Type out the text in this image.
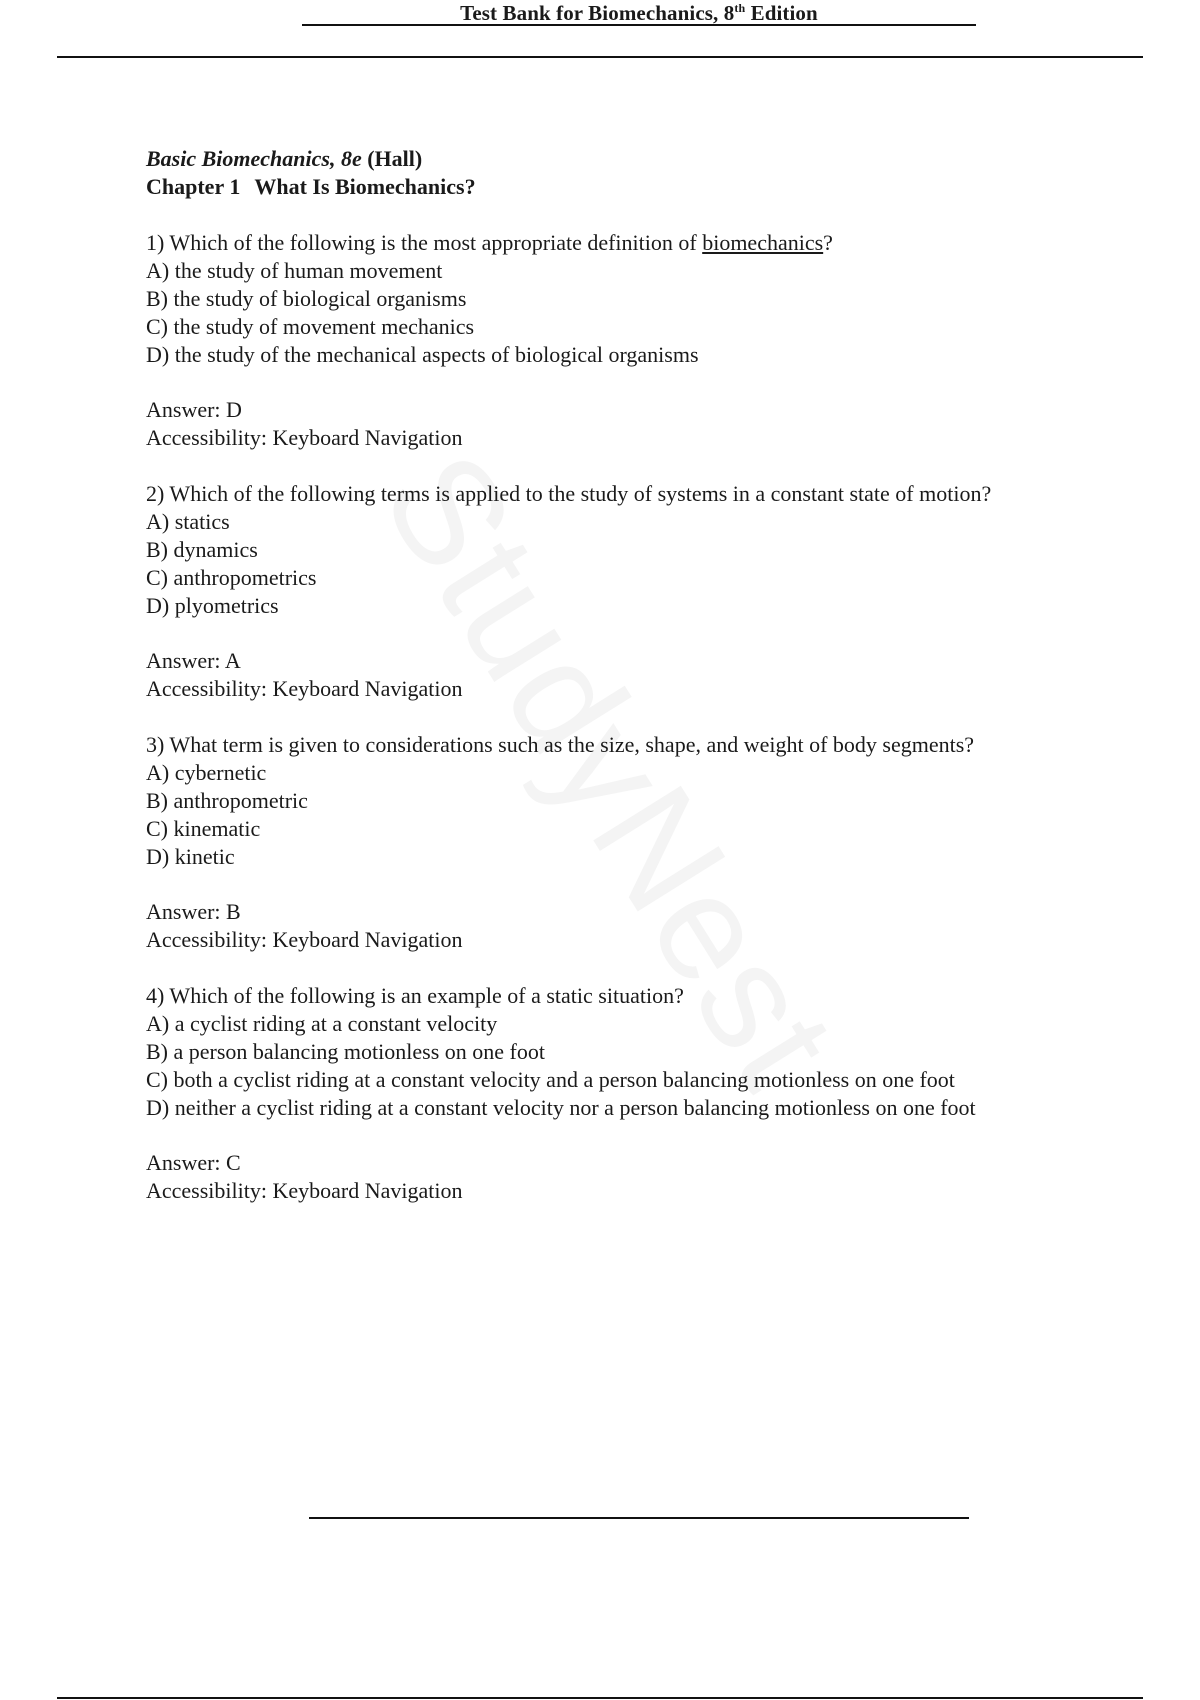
Test Bank for Biomechanics, 8th Edition
Basic Biomechanics, 8e (Hall)
Chapter 1 What Is Biomechanics?
1) Which of the following is the most appropriate definition of biomechanics?
A) the study of human movement
B) the study of biological organisms
C) the study of movement mechanics
D) the study of the mechanical aspects of biological organisms
Answer: D
Accessibility: Keyboard Navigation
2) Which of the following terms is applied to the study of systems in a constant state of motion?
A) statics
B) dynamics
C) anthropometrics
D) plyometrics
Answer: A
Accessibility: Keyboard Navigation
3) What term is given to considerations such as the size, shape, and weight of body segments?
A) cybernetic
B) anthropometric
C) kinematic
D) kinetic
Answer: B
Accessibility: Keyboard Navigation
4) Which of the following is an example of a static situation?
A) a cyclist riding at a constant velocity
B) a person balancing motionless on one foot
C) both a cyclist riding at a constant velocity and a person balancing motionless on one foot
D) neither a cyclist riding at a constant velocity nor a person balancing motionless on one foot
Answer: C
Accessibility: Keyboard Navigation
